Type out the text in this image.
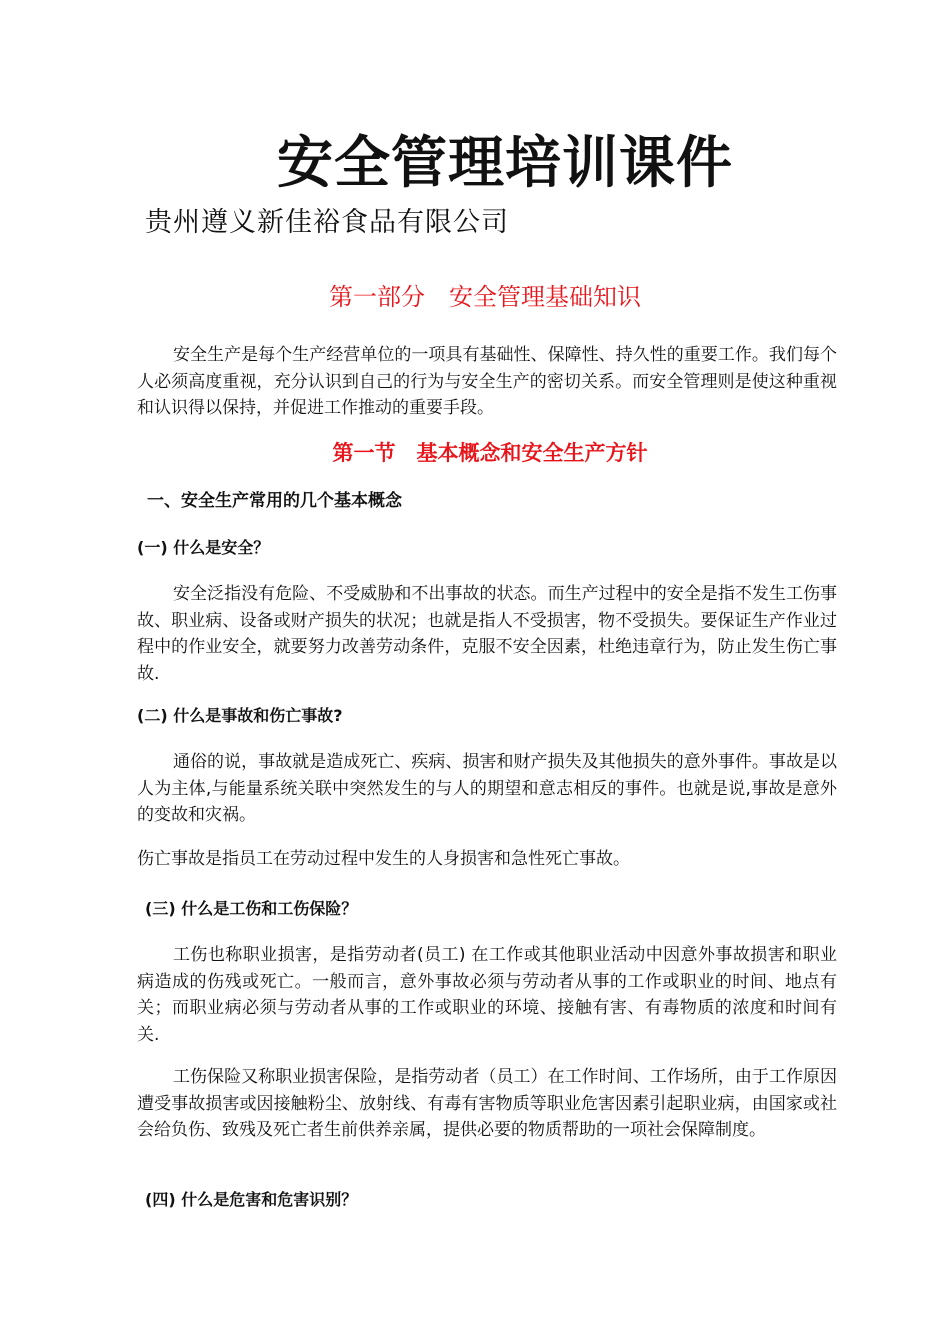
安全管理培训课件
贵州遵义新佳裕食品有限公司
第一部分　安全管理基础知识
安全生产是每个生产经营单位的一项具有基础性、保障性、持久性的重要工作。我们每个人必须高度重视，充分认识到自己的行为与安全生产的密切关系。而安全管理则是使这种重视和认识得以保持，并促进工作推动的重要手段。
第一节　基本概念和安全生产方针
一、安全生产常用的几个基本概念
(一) 什么是安全？
安全泛指没有危险、不受威胁和不出事故的状态。而生产过程中的安全是指不发生工伤事故、职业病、设备或财产损失的状况；也就是指人不受损害，物不受损失。要保证生产作业过程中的作业安全，就要努力改善劳动条件，克服不安全因素，杜绝违章行为，防止发生伤亡事故.
(二) 什么是事故和伤亡事故?
通俗的说，事故就是造成死亡、疾病、损害和财产损失及其他损失的意外事件。事故是以人为主体,与能量系统关联中突然发生的与人的期望和意志相反的事件。也就是说,事故是意外的变故和灾祸。
伤亡事故是指员工在劳动过程中发生的人身损害和急性死亡事故。
(三) 什么是工伤和工伤保险？
工伤也称职业损害，是指劳动者(员工) 在工作或其他职业活动中因意外事故损害和职业病造成的伤残或死亡。一般而言，意外事故必须与劳动者从事的工作或职业的时间、地点有关；而职业病必须与劳动者从事的工作或职业的环境、接触有害、有毒物质的浓度和时间有关.
工伤保险又称职业损害保险，是指劳动者（员工）在工作时间、工作场所，由于工作原因遭受事故损害或因接触粉尘、放射线、有毒有害物质等职业危害因素引起职业病，由国家或社会给负伤、致残及死亡者生前供养亲属，提供必要的物质帮助的一项社会保障制度。
(四) 什么是危害和危害识别？
